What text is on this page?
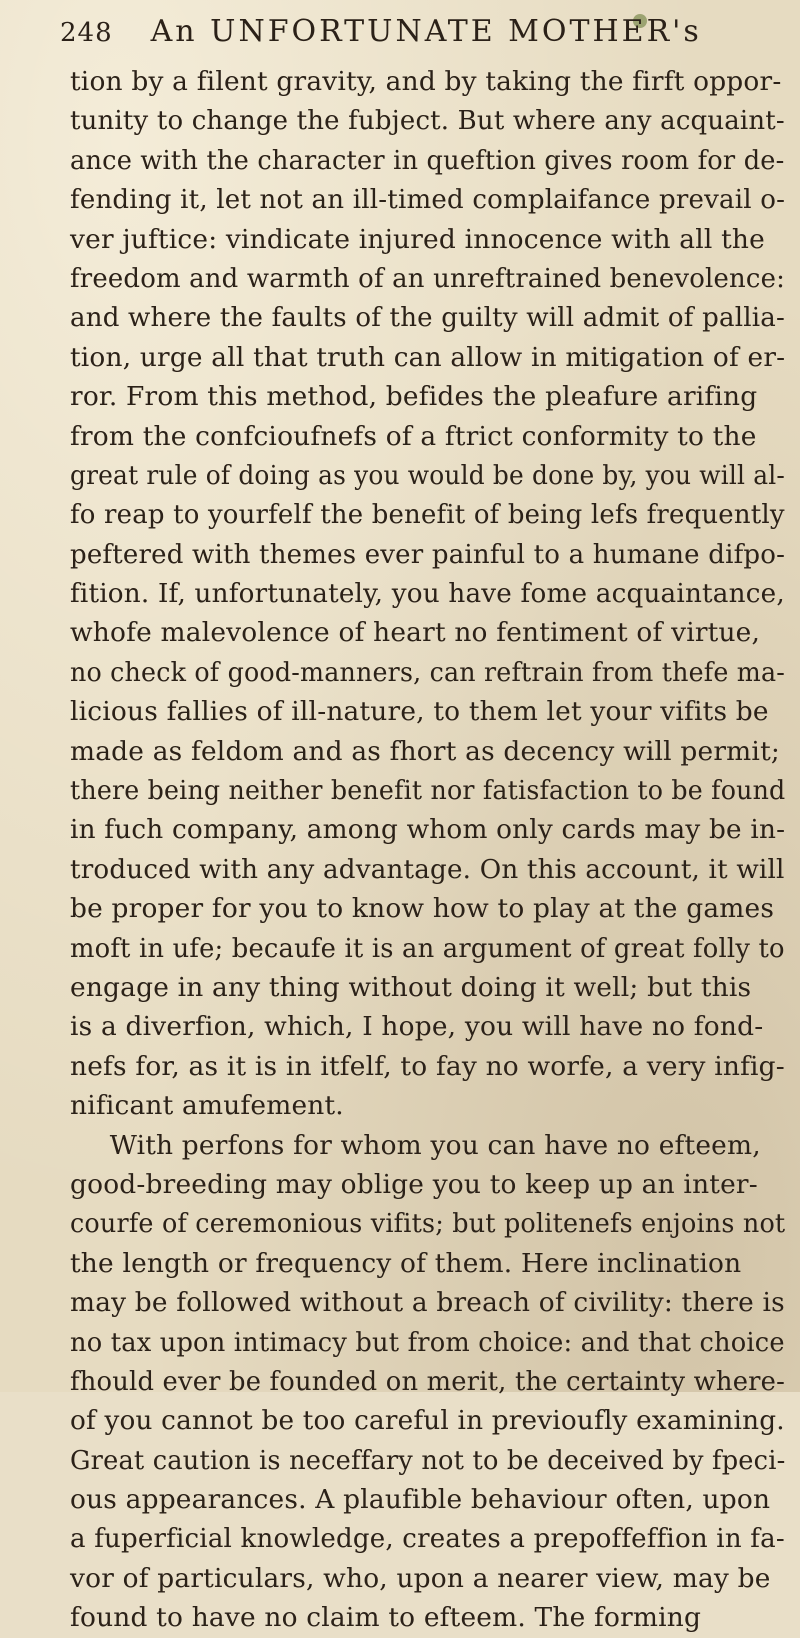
248 An UNFORTUNATE MOTHER's
tion by a filent gravity, and by taking the firft oppor-
tunity to change the fubject. But where any acquaint-
ance with the character in queftion gives room for de-
fending it, let not an ill-timed complaifance prevail o-
ver juftice: vindicate injured innocence with all the
freedom and warmth of an unreftrained benevolence:
and where the faults of the guilty will admit of pallia-
tion, urge all that truth can allow in mitigation of er-
ror. From this method, befides the pleafure arifing
from the confcioufnefs of a ftrict conformity to the
great rule of doing as you would be done by, you will al-
fo reap to yourfelf the benefit of being lefs frequently
peftered with themes ever painful to a humane difpo-
fition. If, unfortunately, you have fome acquaintance,
whofe malevolence of heart no fentiment of virtue,
no check of good-manners, can reftrain from thefe ma-
licious fallies of ill-nature, to them let your vifits be
made as feldom and as fhort as decency will permit;
there being neither benefit nor fatisfaction to be found
in fuch company, among whom only cards may be in-
troduced with any advantage. On this account, it will
be proper for you to know how to play at the games
moft in ufe; becaufe it is an argument of great folly to
engage in any thing without doing it well; but this
is a diverfion, which, I hope, you will have no fond-
nefs for, as it is in itfelf, to fay no worfe, a very infig-
nificant amufement.
With perfons for whom you can have no efteem,
good-breeding may oblige you to keep up an inter-
courfe of ceremonious vifits; but politenefs enjoins not
the length or frequency of them. Here inclination
may be followed without a breach of civility: there is
no tax upon intimacy but from choice: and that choice
fhould ever be founded on merit, the certainty where-
of you cannot be too careful in previoufly examining.
Great caution is neceffary not to be deceived by fpeci-
ous appearances. A plaufible behaviour often, upon
a fuperficial knowledge, creates a prepoffeffion in fa-
vor of particulars, who, upon a nearer view, may be
found to have no claim to efteem. The forming
